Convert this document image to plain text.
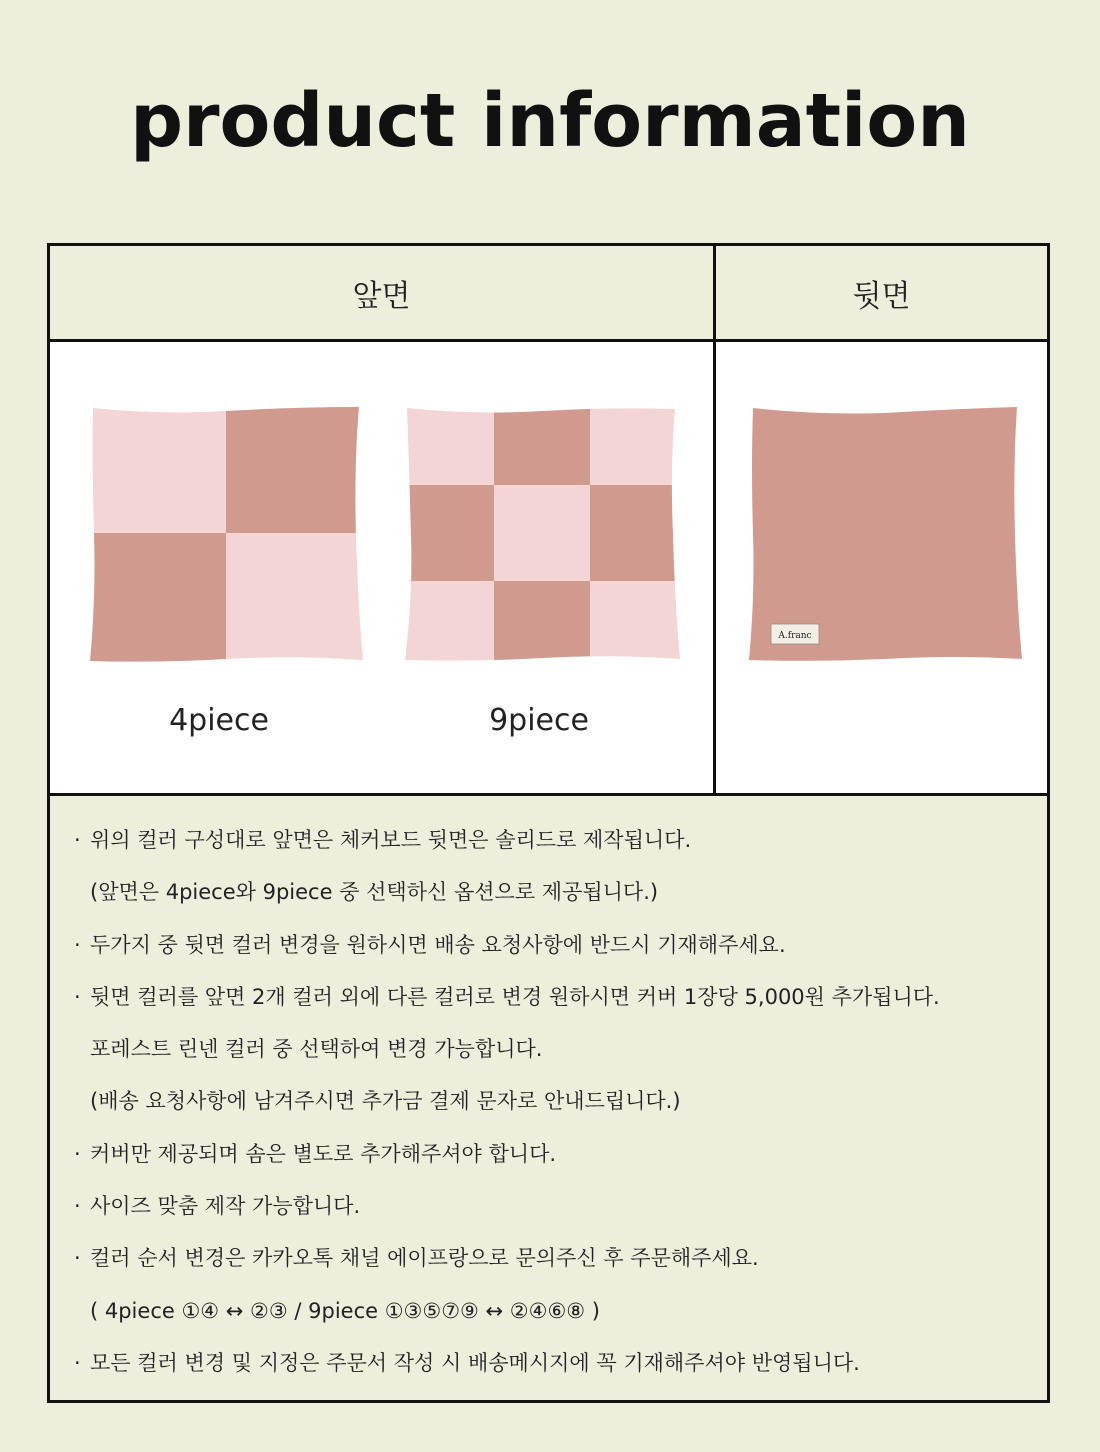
product information
앞면	뒷면
4piece	9piece
A.franc
· 위의 컬러 구성대로 앞면은 체커보드 뒷면은 솔리드로 제작됩니다.
(앞면은 4piece와 9piece 중 선택하신 옵션으로 제공됩니다.)
· 두가지 중 뒷면 컬러 변경을 원하시면 배송 요청사항에 반드시 기재해주세요.
· 뒷면 컬러를 앞면 2개 컬러 외에 다른 컬러로 변경 원하시면 커버 1장당 5,000원 추가됩니다.
포레스트 린넨 컬러 중 선택하여 변경 가능합니다.
(배송 요청사항에 남겨주시면 추가금 결제 문자로 안내드립니다.)
· 커버만 제공되며 솜은 별도로 추가해주셔야 합니다.
· 사이즈 맞춤 제작 가능합니다.
· 컬러 순서 변경은 카카오톡 채널 에이프랑으로 문의주신 후 주문해주세요.
( 4piece ①④ ↔ ②③ / 9piece ①③⑤⑦⑨ ↔ ②④⑥⑧ )
· 모든 컬러 변경 및 지정은 주문서 작성 시 배송메시지에 꼭 기재해주셔야 반영됩니다.
